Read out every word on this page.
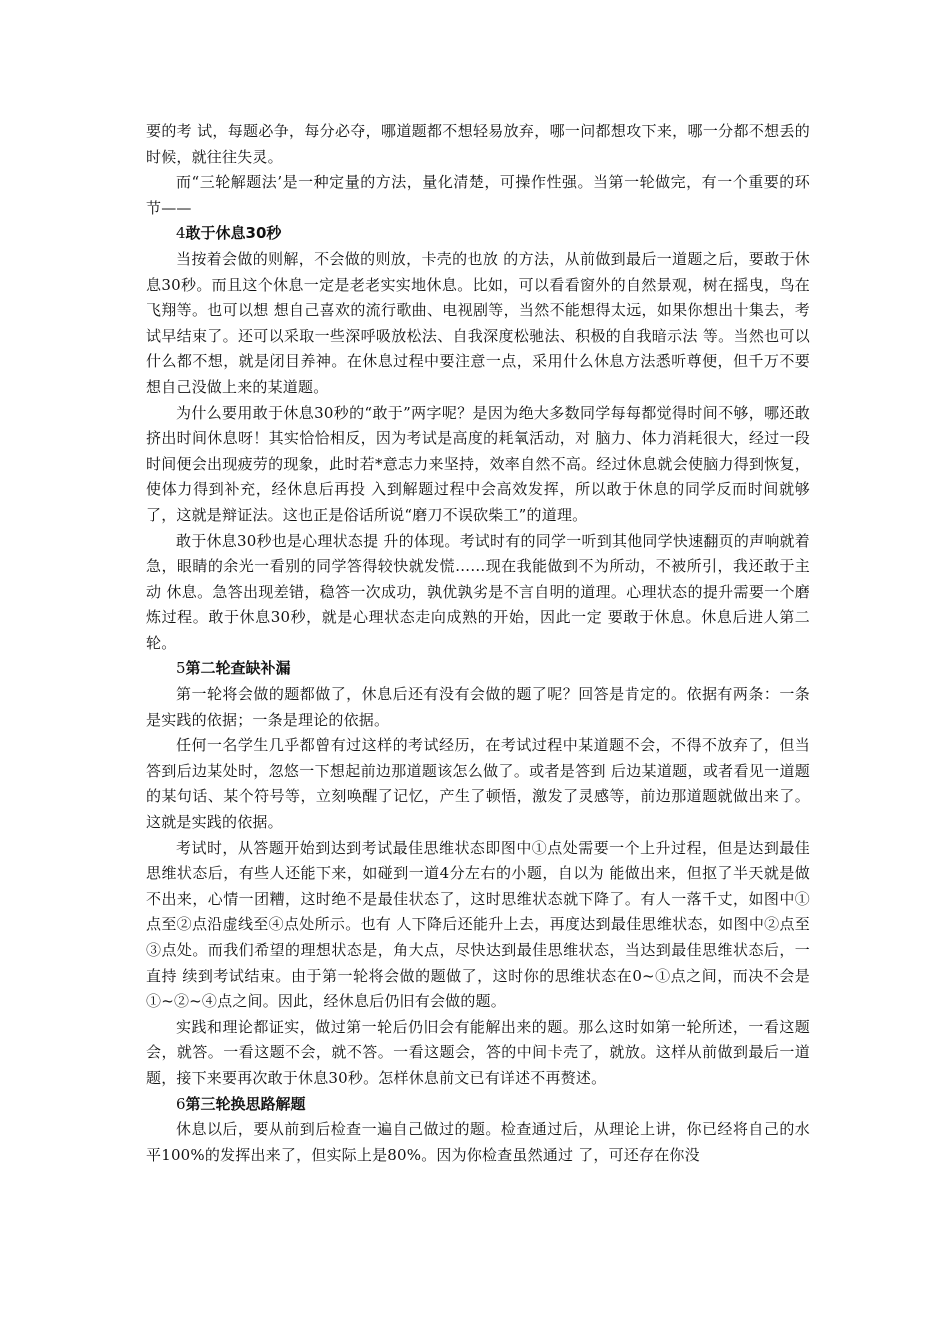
要的考 试，每题必争，每分必夺，哪道题都不想轻易放弃，哪一问都想攻下来，哪一分都不想丢的时候，就往往失灵。

而“三轮解题法’是一种定量的方法，量化清楚，可操作性强。当第一轮做完，有一个重要的环节——

4敢于休息30秒

当按着会做的则解，不会做的则放，卡壳的也放 的方法，从前做到最后一道题之后，要敢于休息30秒。而且这个休息一定是老老实实地休息。比如，可以看看窗外的自然景观，树在摇曳，鸟在飞翔等。也可以想 想自己喜欢的流行歌曲、电视剧等，当然不能想得太远，如果你想出十集去，考试早结束了。还可以采取一些深呼吸放松法、自我深度松驰法、积极的自我暗示法 等。当然也可以什么都不想，就是闭目养神。在休息过程中要注意一点，采用什么休息方法悉听尊便，但千万不要想自己没做上来的某道题。

为什么要用敢于休息30秒的“敢于”两字呢？是因为绝大多数同学每每都觉得时间不够，哪还敢挤出时间休息呀！其实恰恰相反，因为考试是高度的耗氧活动，对 脑力、体力消耗很大，经过一段时间便会出现疲劳的现象，此时若*意志力来坚持，效率自然不高。经过休息就会使脑力得到恢复，使体力得到补充，经休息后再投 入到解题过程中会高效发挥，所以敢于休息的同学反而时间就够了，这就是辩证法。这也正是俗话所说“磨刀不误砍柴工”的道理。

敢于休息30秒也是心理状态提 升的体现。考试时有的同学一听到其他同学快速翻页的声响就着急，眼睛的余光一看别的同学答得较快就发慌……现在我能做到不为所动，不被所引，我还敢于主动 休息。急答出现差错，稳答一次成功，孰优孰劣是不言自明的道理。心理状态的提升需要一个磨炼过程。敢于休息30秒，就是心理状态走向成熟的开始，因此一定 要敢于休息。休息后进人第二轮。

5第二轮查缺补漏

第一轮将会做的题都做了，休息后还有没有会做的题了呢？回答是肯定的。依据有两条：一条是实践的依据；一条是理论的依据。

任何一名学生几乎都曾有过这样的考试经历，在考试过程中某道题不会，不得不放弃了，但当答到后边某处时，忽悠一下想起前边那道题该怎么做了。或者是答到 后边某道题，或者看见一道题的某句话、某个符号等，立刻唤醒了记忆，产生了顿悟，激发了灵感等，前边那道题就做出来了。这就是实践的依据。

考试时，从答题开始到达到考试最佳思维状态即图中①点处需要一个上升过程，但是达到最佳思维状态后，有些人还能下来，如碰到一道4分左右的小题，自以为 能做出来，但抠了半天就是做不出来，心情一团糟，这时绝不是最佳状态了，这时思维状态就下降了。有人一落千丈，如图中①点至②点沿虚线至④点处所示。也有 人下降后还能升上去，再度达到最佳思维状态，如图中②点至③点处。而我们希望的理想状态是，角大点，尽快达到最佳思维状态，当达到最佳思维状态后，一直持 续到考试结束。由于第一轮将会做的题做了，这时你的思维状态在0~①点之间，而决不会是①~②~④点之间。因此，经休息后仍旧有会做的题。

实践和理论都证实，做过第一轮后仍旧会有能解出来的题。那么这时如第一轮所述，一看这题会，就答。一看这题不会，就不答。一看这题会，答的中间卡壳了，就放。这样从前做到最后一道题，接下来要再次敢于休息30秒。怎样休息前文已有详述不再赘述。

6第三轮换思路解题

休息以后，要从前到后检查一遍自己做过的题。检查通过后，从理论上讲，你已经将自己的水平100%的发挥出来了，但实际上是80%。因为你检查虽然通过 了，可还存在你没
